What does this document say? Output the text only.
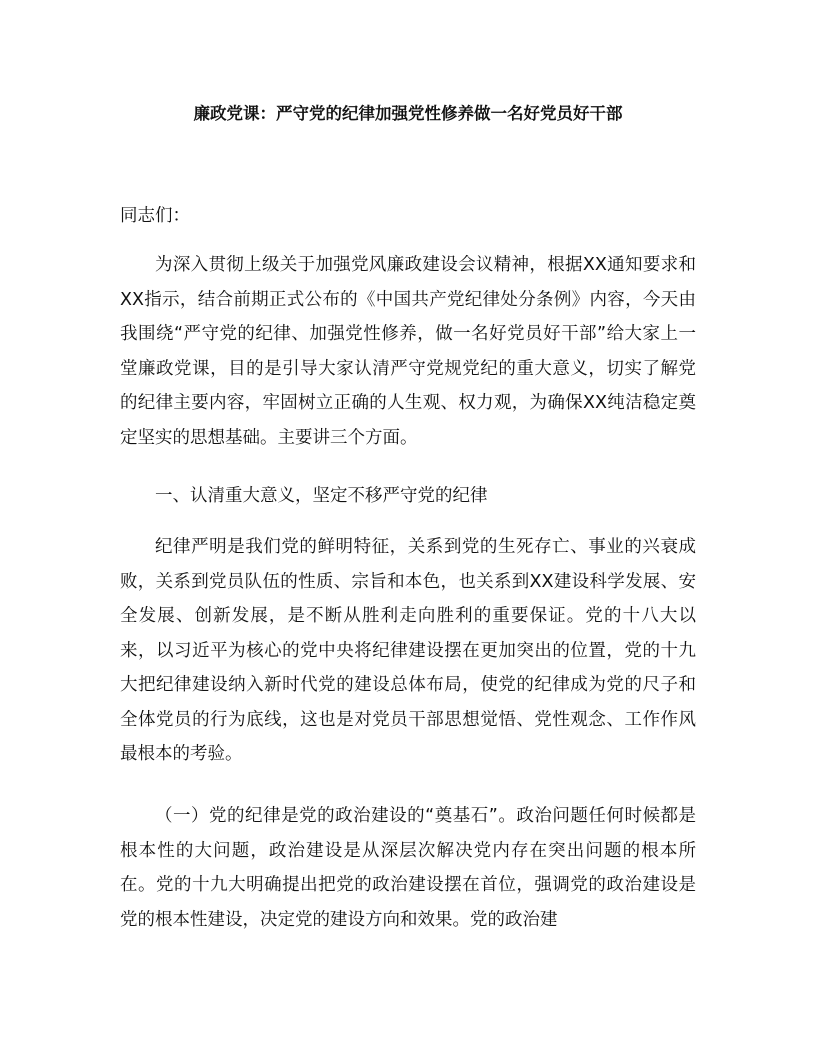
廉政党课：严守党的纪律加强党性修养做一名好党员好干部

同志们：

为深入贯彻上级关于加强党风廉政建设会议精神，根据XX通知要求和XX指示，结合前期正式公布的《中国共产党纪律处分条例》内容，今天由我围绕“严守党的纪律、加强党性修养，做一名好党员好干部”给大家上一堂廉政党课，目的是引导大家认清严守党规党纪的重大意义，切实了解党的纪律主要内容，牢固树立正确的人生观、权力观，为确保XX纯洁稳定奠定坚实的思想基础。主要讲三个方面。

一、认清重大意义，坚定不移严守党的纪律

纪律严明是我们党的鲜明特征，关系到党的生死存亡、事业的兴衰成败，关系到党员队伍的性质、宗旨和本色，也关系到XX建设科学发展、安全发展、创新发展，是不断从胜利走向胜利的重要保证。党的十八大以来，以习近平为核心的党中央将纪律建设摆在更加突出的位置，党的十九大把纪律建设纳入新时代党的建设总体布局，使党的纪律成为党的尺子和全体党员的行为底线，这也是对党员干部思想觉悟、党性观念、工作作风最根本的考验。

（一）党的纪律是党的政治建设的“奠基石”。政治问题任何时候都是根本性的大问题，政治建设是从深层次解决党内存在突出问题的根本所在。党的十九大明确提出把党的政治建设摆在首位，强调党的政治建设是党的根本性建设，决定党的建设方向和效果。党的政治建
